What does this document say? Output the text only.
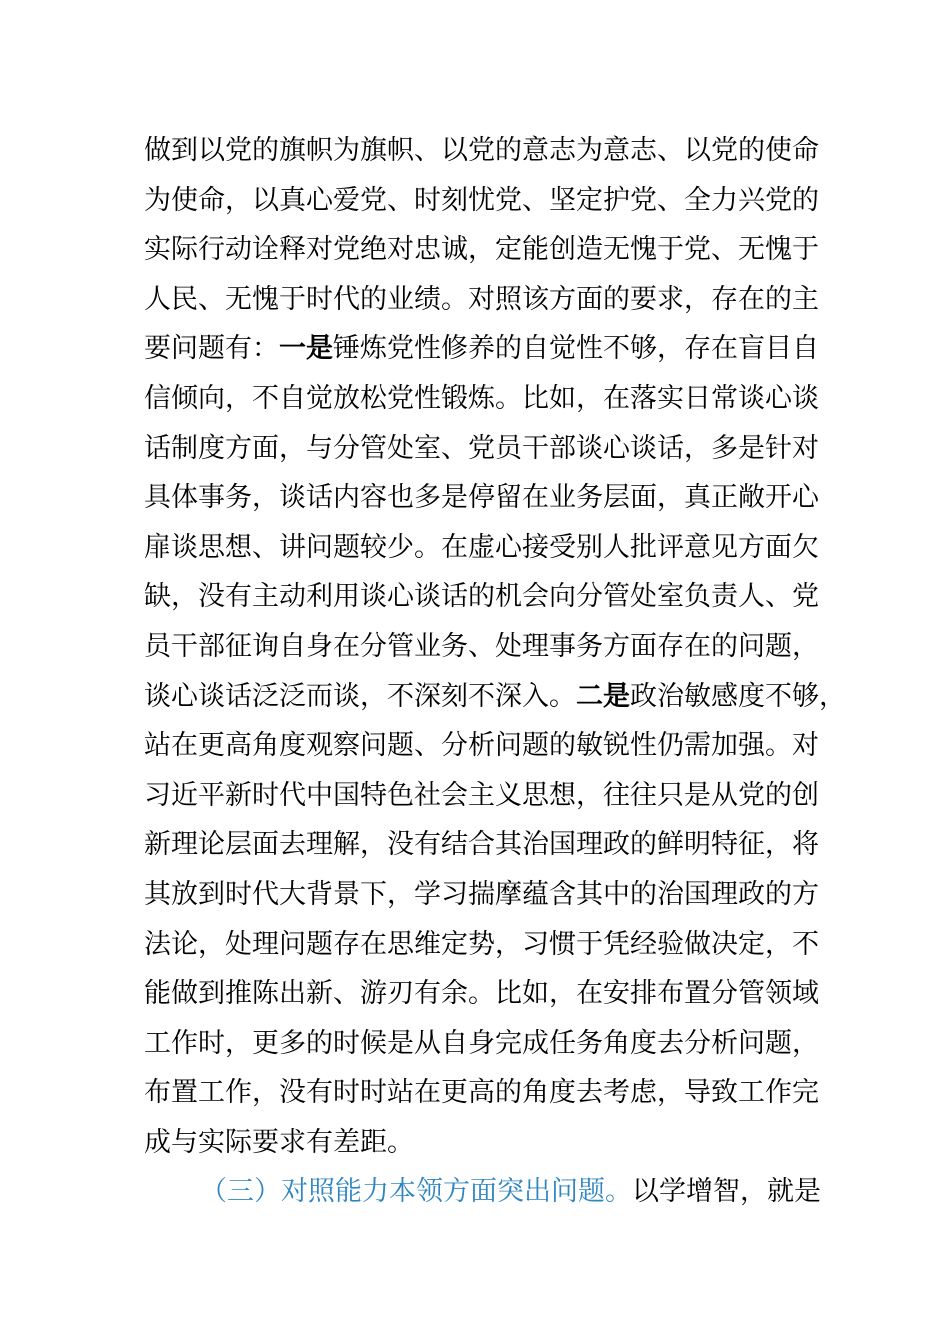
做到以党的旗帜为旗帜、以党的意志为意志、以党的使命
为使命，以真心爱党、时刻忧党、坚定护党、全力兴党的
实际行动诠释对党绝对忠诚，定能创造无愧于党、无愧于
人民、无愧于时代的业绩。对照该方面的要求，存在的主
要问题有：一是锤炼党性修养的自觉性不够，存在盲目自
信倾向，不自觉放松党性锻炼。比如，在落实日常谈心谈
话制度方面，与分管处室、党员干部谈心谈话，多是针对
具体事务，谈话内容也多是停留在业务层面，真正敞开心
扉谈思想、讲问题较少。在虚心接受别人批评意见方面欠
缺，没有主动利用谈心谈话的机会向分管处室负责人、党
员干部征询自身在分管业务、处理事务方面存在的问题，
谈心谈话泛泛而谈，不深刻不深入。二是政治敏感度不够，
站在更高角度观察问题、分析问题的敏锐性仍需加强。对
习近平新时代中国特色社会主义思想，往往只是从党的创
新理论层面去理解，没有结合其治国理政的鲜明特征，将
其放到时代大背景下，学习揣摩蕴含其中的治国理政的方
法论，处理问题存在思维定势，习惯于凭经验做决定，不
能做到推陈出新、游刃有余。比如，在安排布置分管领域
工作时，更多的时候是从自身完成任务角度去分析问题，
布置工作，没有时时站在更高的角度去考虑，导致工作完
成与实际要求有差距。
（三）对照能力本领方面突出问题。以学增智，就是
